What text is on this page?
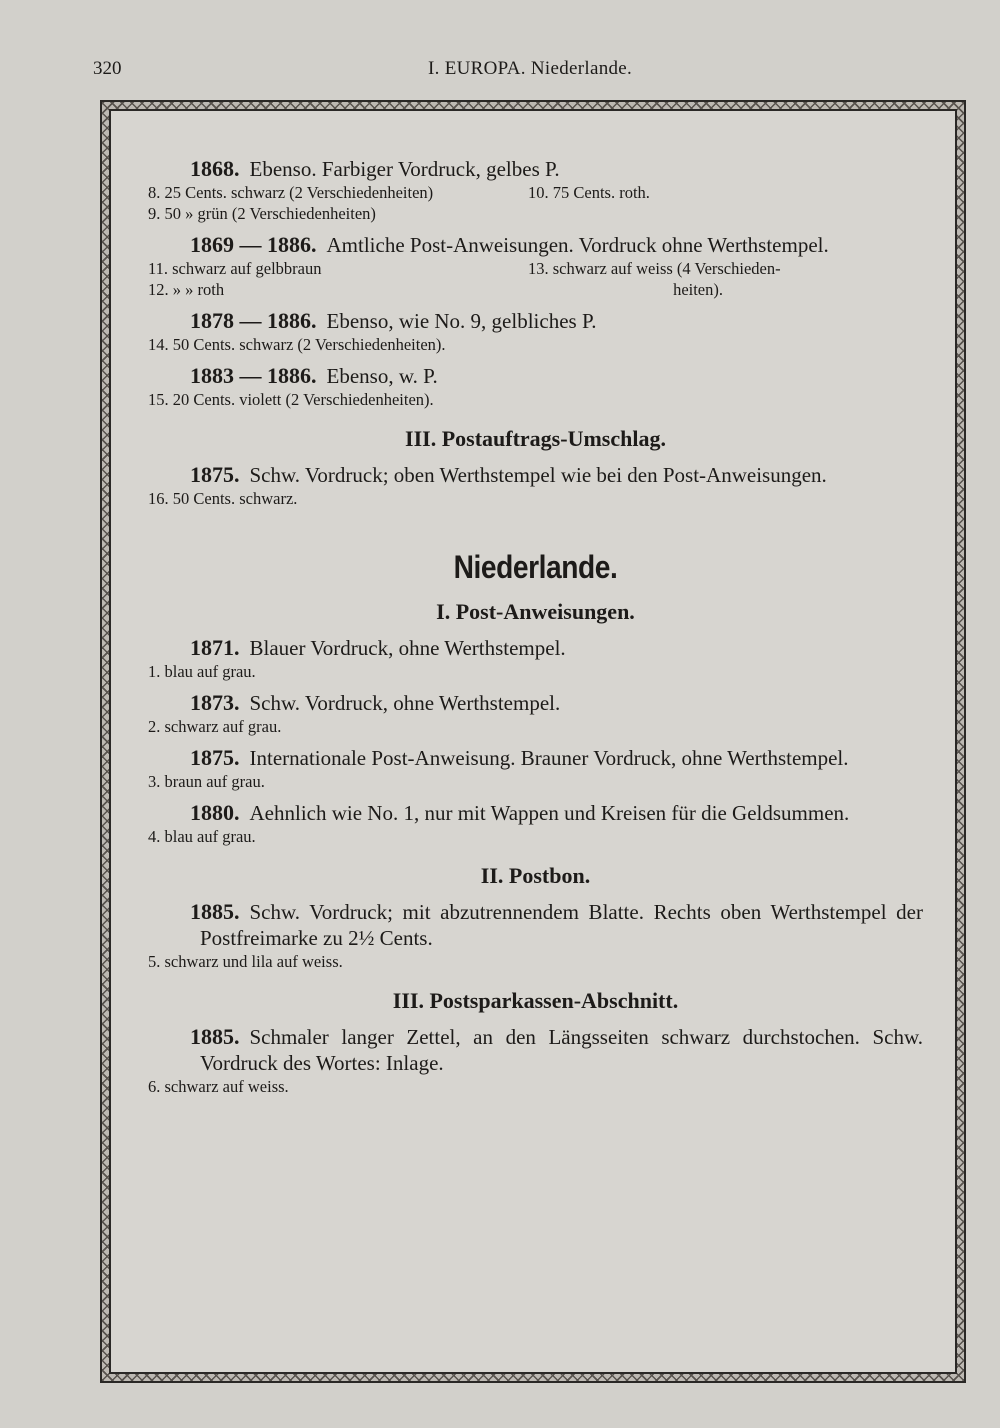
320	I. EUROPA. Niederlande.

1868. Ebenso. Farbiger Vordruck, gelbes P.

8. 25 Cents. schwarz (2 Verschiedenheiten)	10. 75 Cents. roth.

9. 50 » grün (2 Verschiedenheiten)

1869 — 1886. Amtliche Post-Anweisungen. Vordruck ohne Werthstempel.

11. schwarz auf gelbbraun	13. schwarz auf weiss (4 Verschieden-
12. » » roth	heiten).

1878 — 1886. Ebenso, wie No. 9, gelbliches P.

14. 50 Cents. schwarz (2 Verschiedenheiten).

1883 — 1886. Ebenso, w. P.

15. 20 Cents. violett (2 Verschiedenheiten).

III. Postauftrags-Umschlag.

1875. Schw. Vordruck; oben Werthstempel wie bei den Post-Anweisungen.

16. 50 Cents. schwarz.

Niederlande.

I. Post-Anweisungen.

1871. Blauer Vordruck, ohne Werthstempel.

1. blau auf grau.

1873. Schw. Vordruck, ohne Werthstempel.

2. schwarz auf grau.

1875. Internationale Post-Anweisung. Brauner Vordruck, ohne Werthstempel.

3. braun auf grau.

1880. Aehnlich wie No. 1, nur mit Wappen und Kreisen für die Geldsummen.

4. blau auf grau.

II. Postbon.

1885. Schw. Vordruck; mit abzutrennendem Blatte. Rechts oben Werthstempel der Postfreimarke zu 2½ Cents.

5. schwarz und lila auf weiss.

III. Postsparkassen-Abschnitt.

1885. Schmaler langer Zettel, an den Längsseiten schwarz durchstochen. Schw. Vordruck des Wortes: Inlage.

6. schwarz auf weiss.
